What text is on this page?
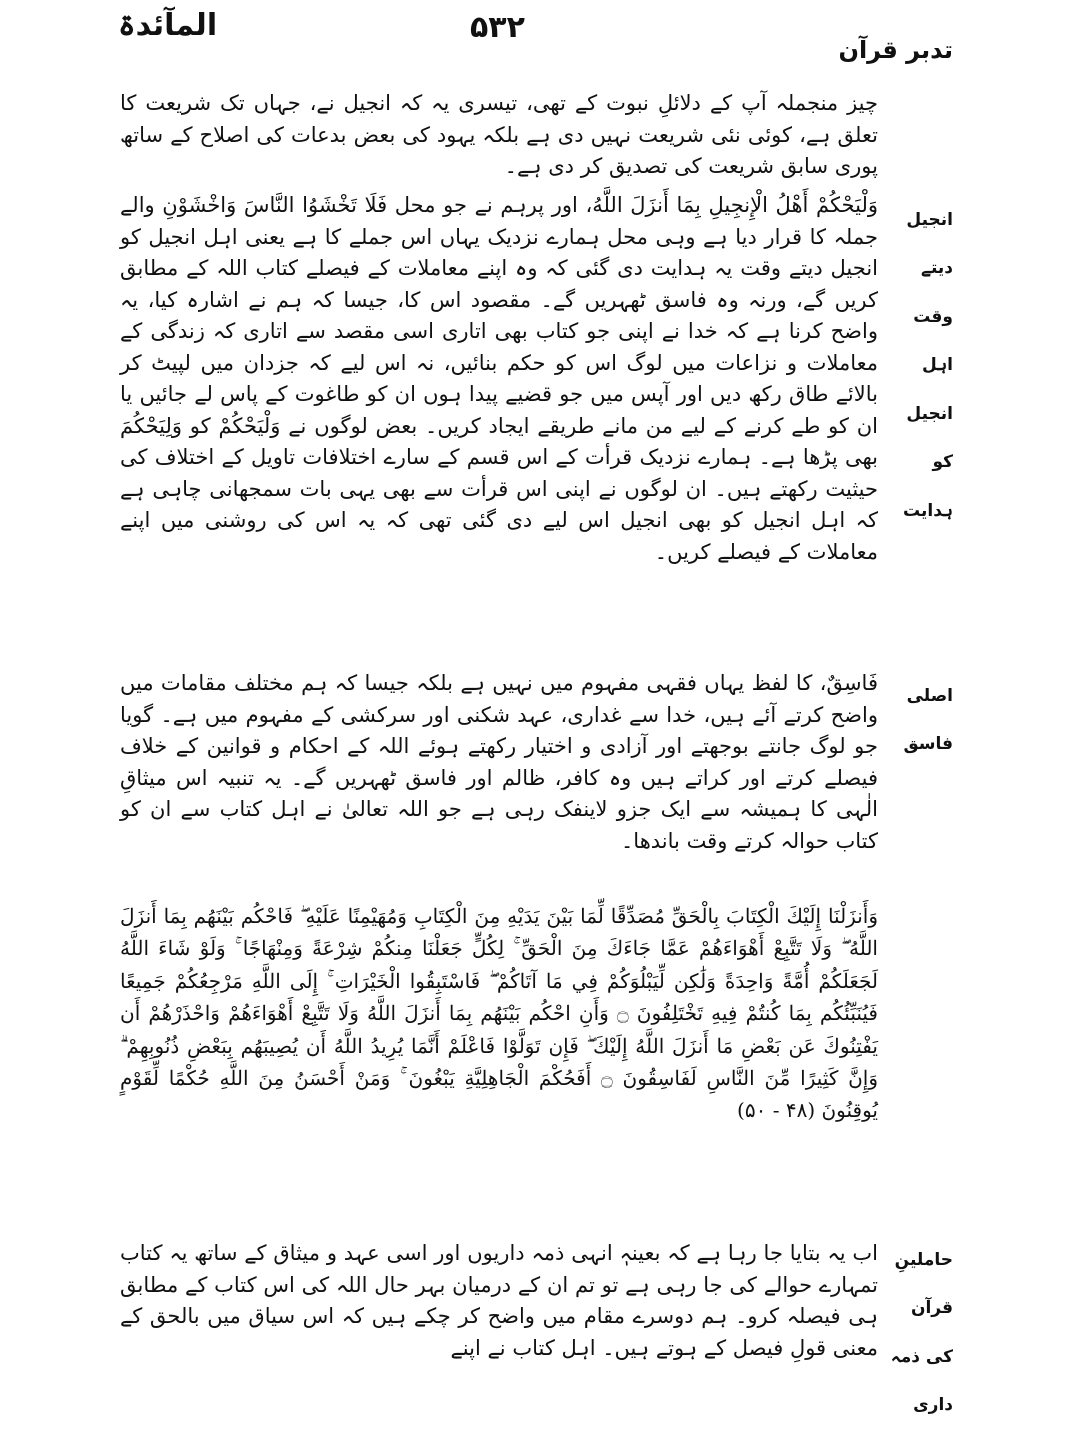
المآئدۃ	۵۳۲
تدبر قرآن

چیز منجملہ آپ کے دلائلِ نبوت کے تھی، تیسری یہ کہ انجیل نے، جہاں تک شریعت کا تعلق ہے، کوئی نئی شریعت نہیں دی ہے بلکہ یہود کی بعض بدعات کی اصلاح کے ساتھ پوری سابق شریعت کی تصدیق کر دی ہے۔

وَلْيَحْكُمْ أَهْلُ الْإِنجِيلِ بِمَا أَنزَلَ اللَّهُ، اور پرہم نے جو محل فَلَا تَخْشَوُا النَّاسَ وَاخْشَوْنِ والے جملہ کا قرار دیا ہے وہی محل ہمارے نزدیک یہاں اس جملے کا ہے یعنی اہل انجیل کو انجیل دیتے وقت یہ ہدایت دی گئی کہ وہ اپنے معاملات کے فیصلے کتاب اللہ کے مطابق کریں گے، ورنہ وہ فاسق ٹھہریں گے۔ مقصود اس کا، جیسا کہ ہم نے اشارہ کیا، یہ واضح کرنا ہے کہ خدا نے اپنی جو کتاب بھی اتاری اسی مقصد سے اتاری کہ زندگی کے معاملات و نزاعات میں لوگ اس کو حکم بنائیں، نہ اس لیے کہ جزدان میں لپیٹ کر بالائے طاق رکھ دیں اور آپس میں جو قضیے پیدا ہوں ان کو طاغوت کے پاس لے جائیں یا ان کو طے کرنے کے لیے من مانے طریقے ایجاد کریں۔ بعض لوگوں نے وَلْيَحْكُمْ کو وَلِيَحْكُمَ بھی پڑھا ہے۔ ہمارے نزدیک قرأت کے اس قسم کے سارے اختلافات تاویل کے اختلاف کی حیثیت رکھتے ہیں۔ ان لوگوں نے اپنی اس قرأت سے بھی یہی بات سمجھانی چاہی ہے کہ اہل انجیل کو بھی انجیل اس لیے دی گئی تھی کہ یہ اس کی روشنی میں اپنے معاملات کے فیصلے کریں۔

فَاسِقٌ، کا لفظ یہاں فقہی مفہوم میں نہیں ہے بلکہ جیسا کہ ہم مختلف مقامات میں واضح کرتے آئے ہیں، خدا سے غداری، عہد شکنی اور سرکشی کے مفہوم میں ہے۔ گویا جو لوگ جانتے بوجھتے اور آزادی و اختیار رکھتے ہوئے اللہ کے احکام و قوانین کے خلاف فیصلے کرتے اور کراتے ہیں وہ کافر، ظالم اور فاسق ٹھہریں گے۔ یہ تنبیہ اس میثاقِ الٰہی کا ہمیشہ سے ایک جزو لاینفک رہی ہے جو اللہ تعالیٰ نے اہل کتاب سے ان کو کتاب حوالہ کرتے وقت باندھا۔

وَأَنزَلْنَا إِلَيْكَ الْكِتَابَ بِالْحَقِّ مُصَدِّقًا لِّمَا بَيْنَ يَدَيْهِ مِنَ الْكِتَابِ وَمُهَيْمِنًا عَلَيْهِ ۖ فَاحْكُم بَيْنَهُم بِمَا أَنزَلَ اللَّهُ ۖ وَلَا تَتَّبِعْ أَهْوَاءَهُمْ عَمَّا جَاءَكَ مِنَ الْحَقِّ ۚ لِكُلٍّ جَعَلْنَا مِنكُمْ شِرْعَةً وَمِنْهَاجًا ۚ وَلَوْ شَاءَ اللَّهُ لَجَعَلَكُمْ أُمَّةً وَاحِدَةً وَلَٰكِن لِّيَبْلُوَكُمْ فِي مَا آتَاكُمْ ۖ فَاسْتَبِقُوا الْخَيْرَاتِ ۚ إِلَى اللَّهِ مَرْجِعُكُمْ جَمِيعًا فَيُنَبِّئُكُم بِمَا كُنتُمْ فِيهِ تَخْتَلِفُونَ ۝ وَأَنِ احْكُم بَيْنَهُم بِمَا أَنزَلَ اللَّهُ وَلَا تَتَّبِعْ أَهْوَاءَهُمْ وَاحْذَرْهُمْ أَن يَفْتِنُوكَ عَن بَعْضِ مَا أَنزَلَ اللَّهُ إِلَيْكَ ۖ فَإِن تَوَلَّوْا فَاعْلَمْ أَنَّمَا يُرِيدُ اللَّهُ أَن يُصِيبَهُم بِبَعْضِ ذُنُوبِهِمْ ۗ وَإِنَّ كَثِيرًا مِّنَ النَّاسِ لَفَاسِقُونَ ۝ أَفَحُكْمَ الْجَاهِلِيَّةِ يَبْغُونَ ۚ وَمَنْ أَحْسَنُ مِنَ اللَّهِ حُكْمًا لِّقَوْمٍ يُوقِنُونَ (۴۸ - ۵۰)

اب یہ بتایا جا رہا ہے کہ بعینہٖ انہی ذمہ داریوں اور اسی عہد و میثاق کے ساتھ یہ کتاب تمہارے حوالے کی جا رہی ہے تو تم ان کے درمیان بہر حال اللہ کی اس کتاب کے مطابق ہی فیصلہ کرو۔ ہم دوسرے مقام میں واضح کر چکے ہیں کہ اس سیاق میں بالحق کے معنی قولِ فیصل کے ہوتے ہیں۔ اہل کتاب نے اپنے

انجیل دیتے
وقت اہل
انجیل کو
ہدایت
اصلی فاسق
حاملینِ قرآن
کی ذمہ داری
